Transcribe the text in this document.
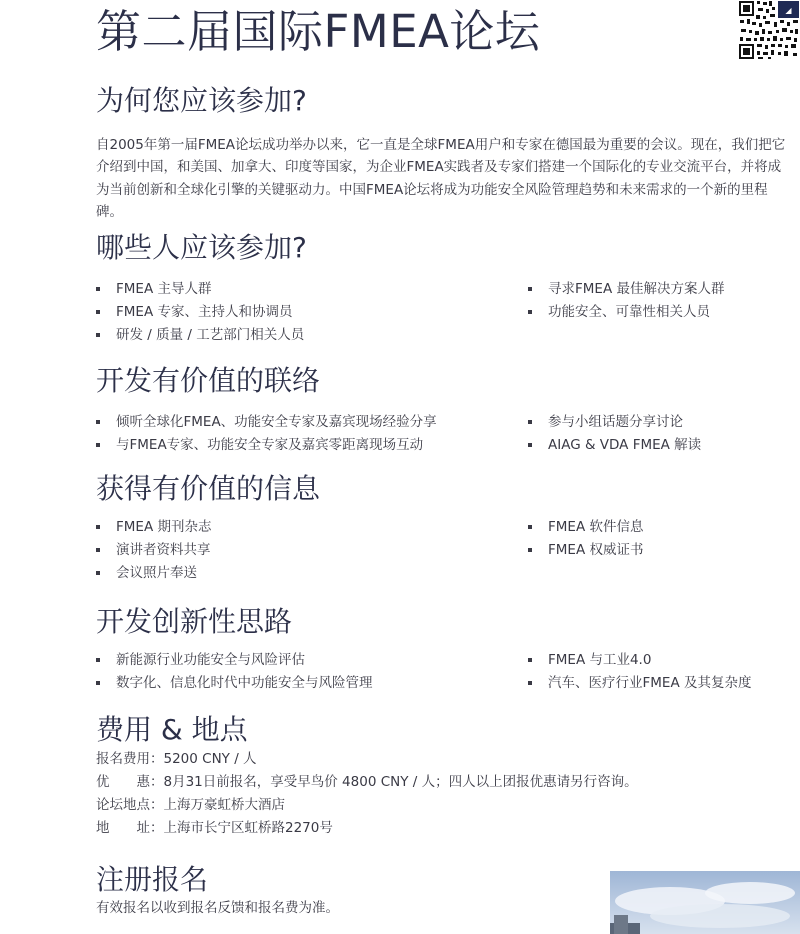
第二届国际FMEA论坛	◢
为何您应该参加?

自2005年第一届FMEA论坛成功举办以来，它一直是全球FMEA用户和专家在德国最为重要的会议。现在，我们把它介绍到中国，和美国、加拿大、印度等国家，为企业FMEA实践者及专家们搭建一个国际化的专业交流平台，并将成为当前创新和全球化引擎的关键驱动力。中国FMEA论坛将成为功能安全风险管理趋势和未来需求的一个新的里程碑。

哪些人应该参加?
FMEA 主导人群
FMEA 专家、主持人和协调员
研发 / 质量 / 工艺部门相关人员
寻求FMEA 最佳解决方案人群
功能安全、可靠性相关人员
开发有价值的联络
倾听全球化FMEA、功能安全专家及嘉宾现场经验分享
与FMEA专家、功能安全专家及嘉宾零距离现场互动
参与小组话题分享讨论
AIAG & VDA FMEA 解读
获得有价值的信息
FMEA 期刊杂志
演讲者资料共享
会议照片奉送
FMEA 软件信息
FMEA 权威证书
开发创新性思路
新能源行业功能安全与风险评估
数字化、信息化时代中功能安全与风险管理
FMEA 与工业4.0
汽车、医疗行业FMEA 及其复杂度
费用 & 地点
报名费用：5200 CNY / 人
优　　惠：8月31日前报名，享受早鸟价 4800 CNY / 人；四人以上团报优惠请另行咨询。
论坛地点：上海万豪虹桥大酒店
地　　址：上海市长宁区虹桥路2270号
注册报名
有效报名以收到报名反馈和报名费为准。
